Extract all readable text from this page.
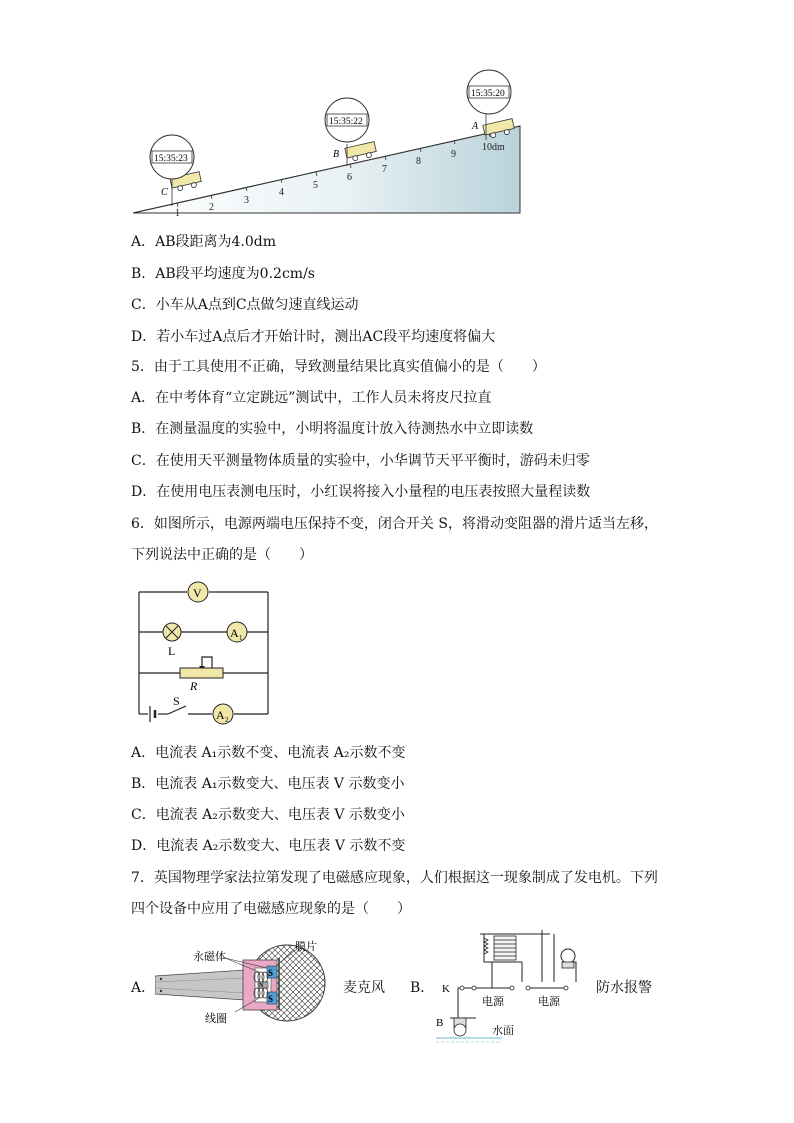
1
2
3
4
5
6
7
8
9
10dm
C
15:35:23	B
15:35:22	A
15:35:20
A．AB段距离为4.0dm
B．AB段平均速度为0.2cm/s
C．小车从A点到C点做匀速直线运动
D．若小车过A点后才开始计时，测出AC段平均速度将偏大
5．由于工具使用不正确，导致测量结果比真实值偏小的是（　　）
A．在中考体育“立定跳远”测试中，工作人员未将皮尺拉直
B．在测量温度的实验中，小明将温度计放入待测热水中立即读数
C．在使用天平测量物体质量的实验中，小华调节天平平衡时，游码未归零
D．在使用电压表测电压时，小红误将接入小量程的电压表按照大量程读数
6．如图所示，电源两端电压保持不变，闭合开关 S，将滑动变阻器的滑片适当左移，
下列说法中正确的是（　　）
V
A 1
A 2
L
R
S
A．电流表 A₁示数不变、电流表 A₂示数不变
B．电流表 A₁示数变大、电压表 V 示数变小
C．电流表 A₂示数变大、电压表 V 示数变小
D．电流表 A₂示数变大、电压表 V 示数不变
7．英国物理学家法拉第发现了电磁感应现象，人们根据这一现象制成了发电机。下列
四个设备中应用了电磁感应现象的是（　　）
A．
S
S
N
永磁体
膜片
线圈
麦克风 B． K
B
电源	电源
水面
防水报警
